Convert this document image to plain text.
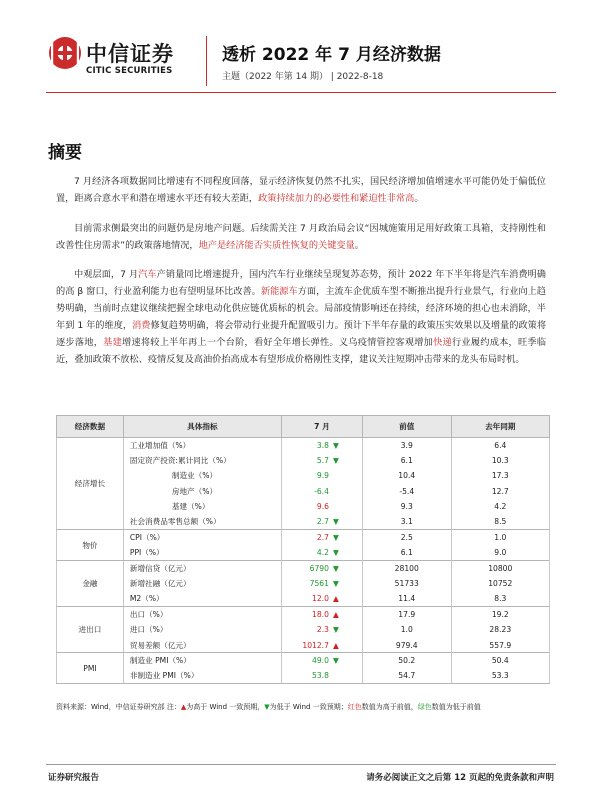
中信证券
CITIC SECURITIES
透析 2022 年 7 月经济数据
主题（2022 年第 14 期） | 2022-8-18
摘要
7 月经济各项数据同比增速有不同程度回落，显示经济恢复仍然不扎实，国民经济增加值增速水平可能仍处于偏低位置，距离合意水平和潜在增速水平还有较大差距，政策持续加力的必要性和紧迫性非常高。
目前需求侧最突出的问题仍是房地产问题。后续需关注 7 月政治局会议“因城施策用足用好政策工具箱，支持刚性和改善性住房需求”的政策落地情况，地产是经济能否实质性恢复的关键变量。
中观层面，7 月汽车产销量同比增速提升，国内汽车行业继续呈现复苏态势，预计 2022 年下半年将是汽车消费明确的高 β 窗口，行业盈利能力也有望明显环比改善。新能源车方面，主流车企优质车型不断推出提升行业景气，行业向上趋势明确，当前时点建议继续把握全球电动化供应链优质标的机会。局部疫情影响还在持续，经济环境的担心也未消除，半年到 1 年的维度，消费修复趋势明确，将会带动行业提升配置吸引力。预计下半年存量的政策压实效果以及增量的政策将逐步落地，基建增速将较上半年再上一个台阶，看好全年增长弹性。义乌疫情管控客观增加快递行业履约成本，旺季临近，叠加政策不放松、疫情反复及高油价抬高成本有望形成价格刚性支撑，建议关注短期冲击带来的龙头布局时机。
经济数据	具体指标	7 月		前值	去年同期
经济增长	工业增加值（%）	3.8	▼	3.9	6.4
	固定资产投资:累计同比（%）	5.7	▼	6.1	10.3
	制造业（%）	9.9		10.4	17.3
	房地产（%）	-6.4		-5.4	12.7
	基建（%）	9.6		9.3	4.2
	社会消费品零售总额（%）	2.7	▼	3.1	8.5
物价	CPI（%）	2.7	▼	2.5	1.0
	PPI（%）	4.2	▼	6.1	9.0
金融	新增信贷（亿元）	6790	▼	28100	10800
	新增社融（亿元）	7561	▼	51733	10752
	M2（%）	12.0	▲	11.4	8.3
进出口	出口（%）	18.0	▲	17.9	19.2
	进口（%）	2.3	▼	1.0	28.23
	贸易差额（亿元）	1012.7	▲	979.4	557.9
PMI	制造业 PMI（%）	49.0	▼	50.2	50.4
	非制造业 PMI（%）	53.8		54.7	53.3
资料来源：Wind，中信证券研究部 注：▲为高于 Wind 一致预期，▼为低于 Wind 一致预期；红色数值为高于前值，绿色数值为低于前值
证券研究报告	请务必阅读正文之后第 12 页起的免责条款和声明
